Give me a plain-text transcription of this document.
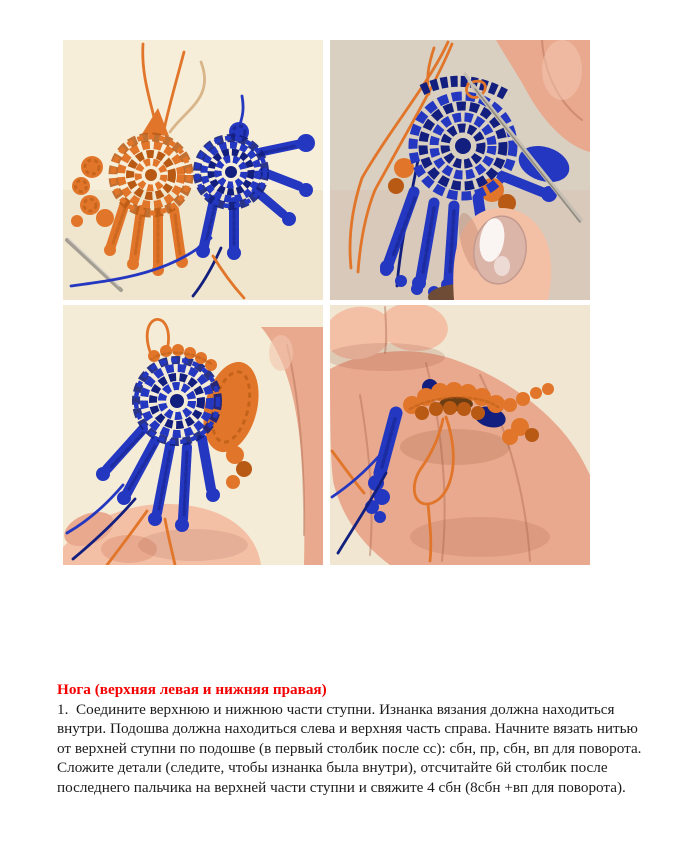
Нога (верхняя левая и нижняя правая)
1.  Соедините верхнюю и нижнюю части ступни. Изнанка вязания должна находиться
внутри. Подошва должна находиться слева и верхняя часть справа. Начните вязать нитью
от верхней ступни по подошве (в первый столбик после сс): сбн, пр, сбн, вп для поворота.
Сложите детали (следите, чтобы изнанка была внутри), отсчитайте 6й столбик после
последнего пальчика на верхней части ступни и свяжите 4 сбн (8сбн +вп для поворота).
